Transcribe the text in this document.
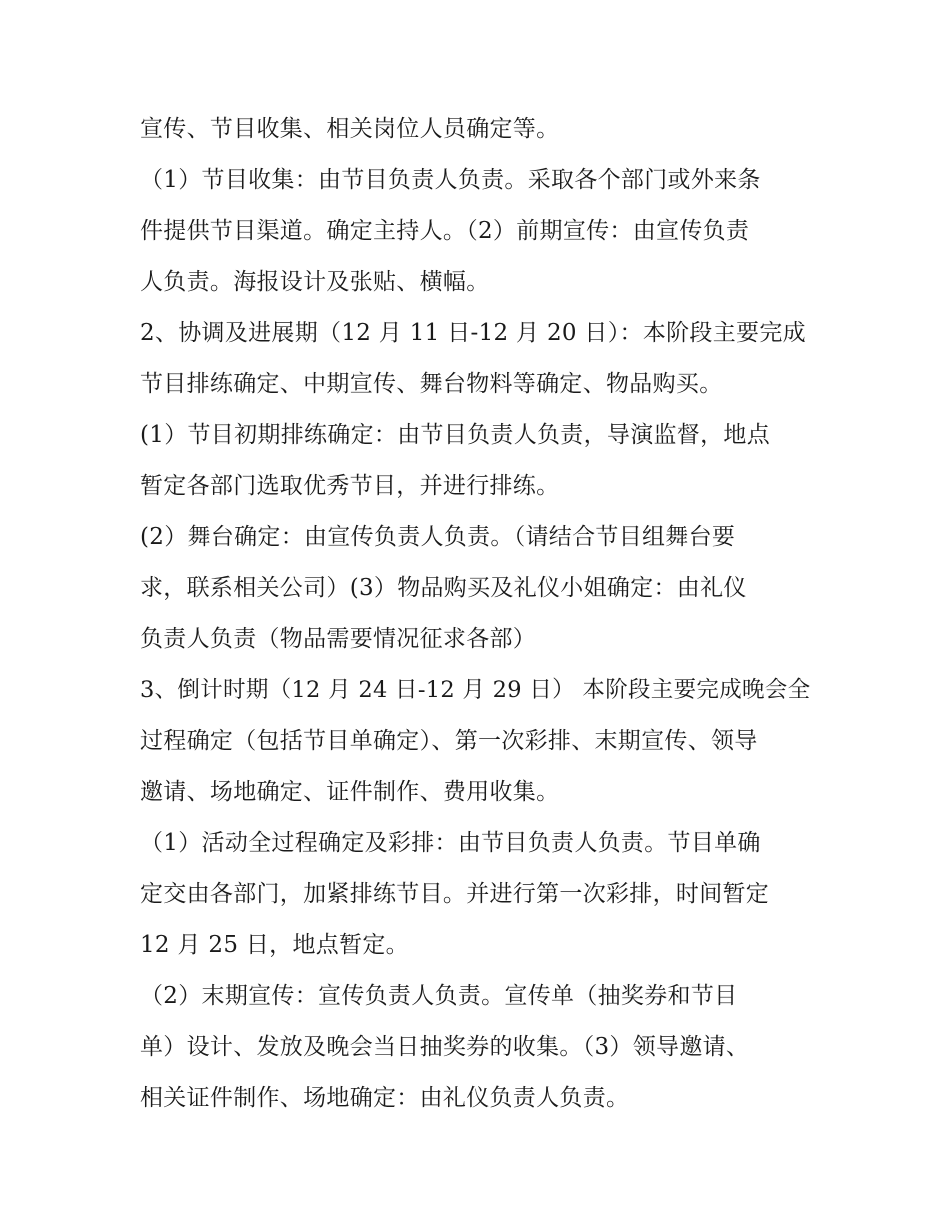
宣传、节目收集、相关岗位人员确定等。
（1）节目收集：由节目负责人负责。采取各个部门或外来条
件提供节目渠道。确定主持人。（2）前期宣传：由宣传负责
人负责。海报设计及张贴、横幅。
2、协调及进展期（12 月 11 日-12 月 20 日）：本阶段主要完成
节目排练确定、中期宣传、舞台物料等确定、物品购买。
(1）节目初期排练确定：由节目负责人负责，导演监督，地点
暂定各部门选取优秀节目，并进行排练。
(2）舞台确定：由宣传负责人负责。（请结合节目组舞台要
求，联系相关公司）(3）物品购买及礼仪小姐确定：由礼仪
负责人负责（物品需要情况征求各部）
3、倒计时期（12 月 24 日-12 月 29 日） 本阶段主要完成晚会全
过程确定（包括节目单确定）、第一次彩排、末期宣传、领导
邀请、场地确定、证件制作、费用收集。
（1）活动全过程确定及彩排：由节目负责人负责。节目单确
定交由各部门，加紧排练节目。并进行第一次彩排，时间暂定
12 月 25 日，地点暂定。
（2）末期宣传：宣传负责人负责。宣传单（抽奖券和节目
单）设计、发放及晚会当日抽奖券的收集。（3）领导邀请、
相关证件制作、场地确定：由礼仪负责人负责。
